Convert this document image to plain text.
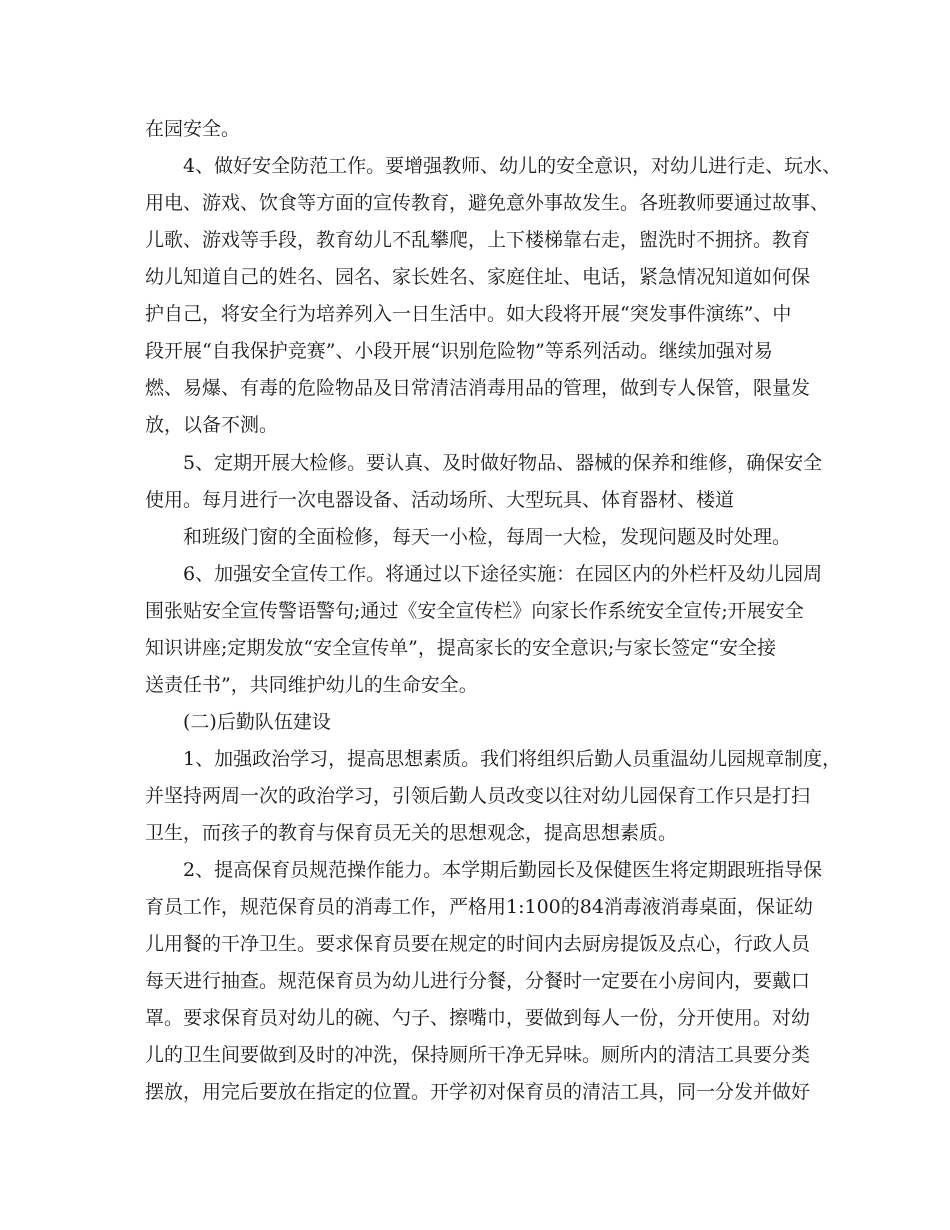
在园安全。
4、做好安全防范工作。要增强教师、幼儿的安全意识，对幼儿进行走、玩水、
用电、游戏、饮食等方面的宣传教育，避免意外事故发生。各班教师要通过故事、
儿歌、游戏等手段，教育幼儿不乱攀爬，上下楼梯靠右走，盥洗时不拥挤。教育
幼儿知道自己的姓名、园名、家长姓名、家庭住址、电话，紧急情况知道如何保
护自己，将安全行为培养列入一日生活中。如大段将开展“突发事件演练”、中
段开展“自我保护竞赛”、小段开展“识别危险物”等系列活动。继续加强对易
燃、易爆、有毒的危险物品及日常清洁消毒用品的管理，做到专人保管，限量发
放，以备不测。
5、定期开展大检修。要认真、及时做好物品、器械的保养和维修，确保安全
使用。每月进行一次电器设备、活动场所、大型玩具、体育器材、楼道
和班级门窗的全面检修，每天一小检，每周一大检，发现问题及时处理。
6、加强安全宣传工作。将通过以下途径实施：在园区内的外栏杆及幼儿园周
围张贴安全宣传警语警句;通过《安全宣传栏》向家长作系统安全宣传;开展安全
知识讲座;定期发放“安全宣传单”，提高家长的安全意识;与家长签定“安全接
送责任书”，共同维护幼儿的生命安全。
(二)后勤队伍建设
1、加强政治学习，提高思想素质。我们将组织后勤人员重温幼儿园规章制度，
并坚持两周一次的政治学习，引领后勤人员改变以往对幼儿园保育工作只是打扫
卫生，而孩子的教育与保育员无关的思想观念，提高思想素质。
2、提高保育员规范操作能力。本学期后勤园长及保健医生将定期跟班指导保
育员工作，规范保育员的消毒工作，严格用1:100的84消毒液消毒桌面，保证幼
儿用餐的干净卫生。要求保育员要在规定的时间内去厨房提饭及点心，行政人员
每天进行抽查。规范保育员为幼儿进行分餐，分餐时一定要在小房间内，要戴口
罩。要求保育员对幼儿的碗、勺子、擦嘴巾，要做到每人一份，分开使用。对幼
儿的卫生间要做到及时的冲洗，保持厕所干净无异味。厕所内的清洁工具要分类
摆放，用完后要放在指定的位置。开学初对保育员的清洁工具，同一分发并做好
